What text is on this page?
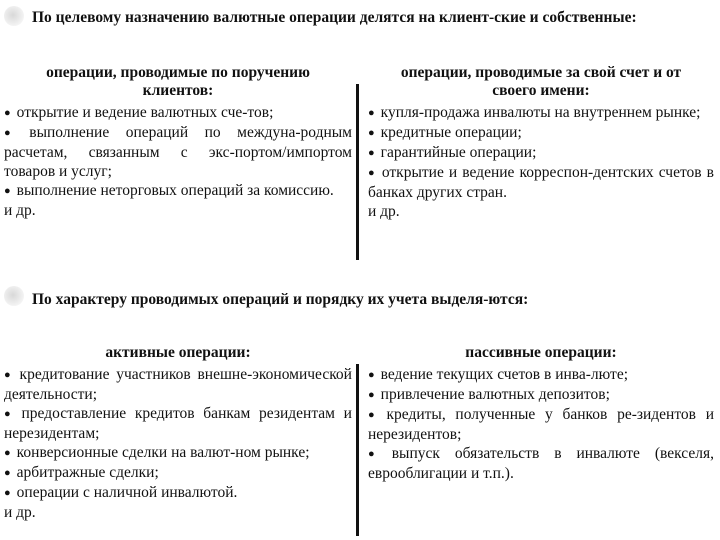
По целевому назначению валютные операции делятся на клиент-ские и собственные:
операции, проводимые по поручению клиентов:

● открытие и ведение валютных сче-тов;

● выполнение операций по междуна-родным расчетам, связанным с экс-портом/импортом товаров и услуг;

● выполнение неторговых операций за комиссию.

и др.

операции, проводимые за свой счет и от своего имени:

● купля-продажа инвалюты на внутреннем рынке;

● кредитные операции;

● гарантийные операции;

● открытие и ведение корреспон-дентских счетов в банках других стран.

и др.

По характеру проводимых операций и порядку их учета выделя-ются:
активные операции:

● кредитование участников внешне-экономической деятельности;

● предоставление кредитов банкам резидентам и нерезидентам;

● конверсионные сделки на валют-ном рынке;

● арбитражные сделки;

● операции с наличной инвалютой.

и др.

пассивные операции:

● ведение текущих счетов в инва-люте;

● привлечение валютных депозитов;

● кредиты, полученные у банков ре-зидентов и нерезидентов;

● выпуск обязательств в инвалюте (векселя, еврооблигации и т.п.).
